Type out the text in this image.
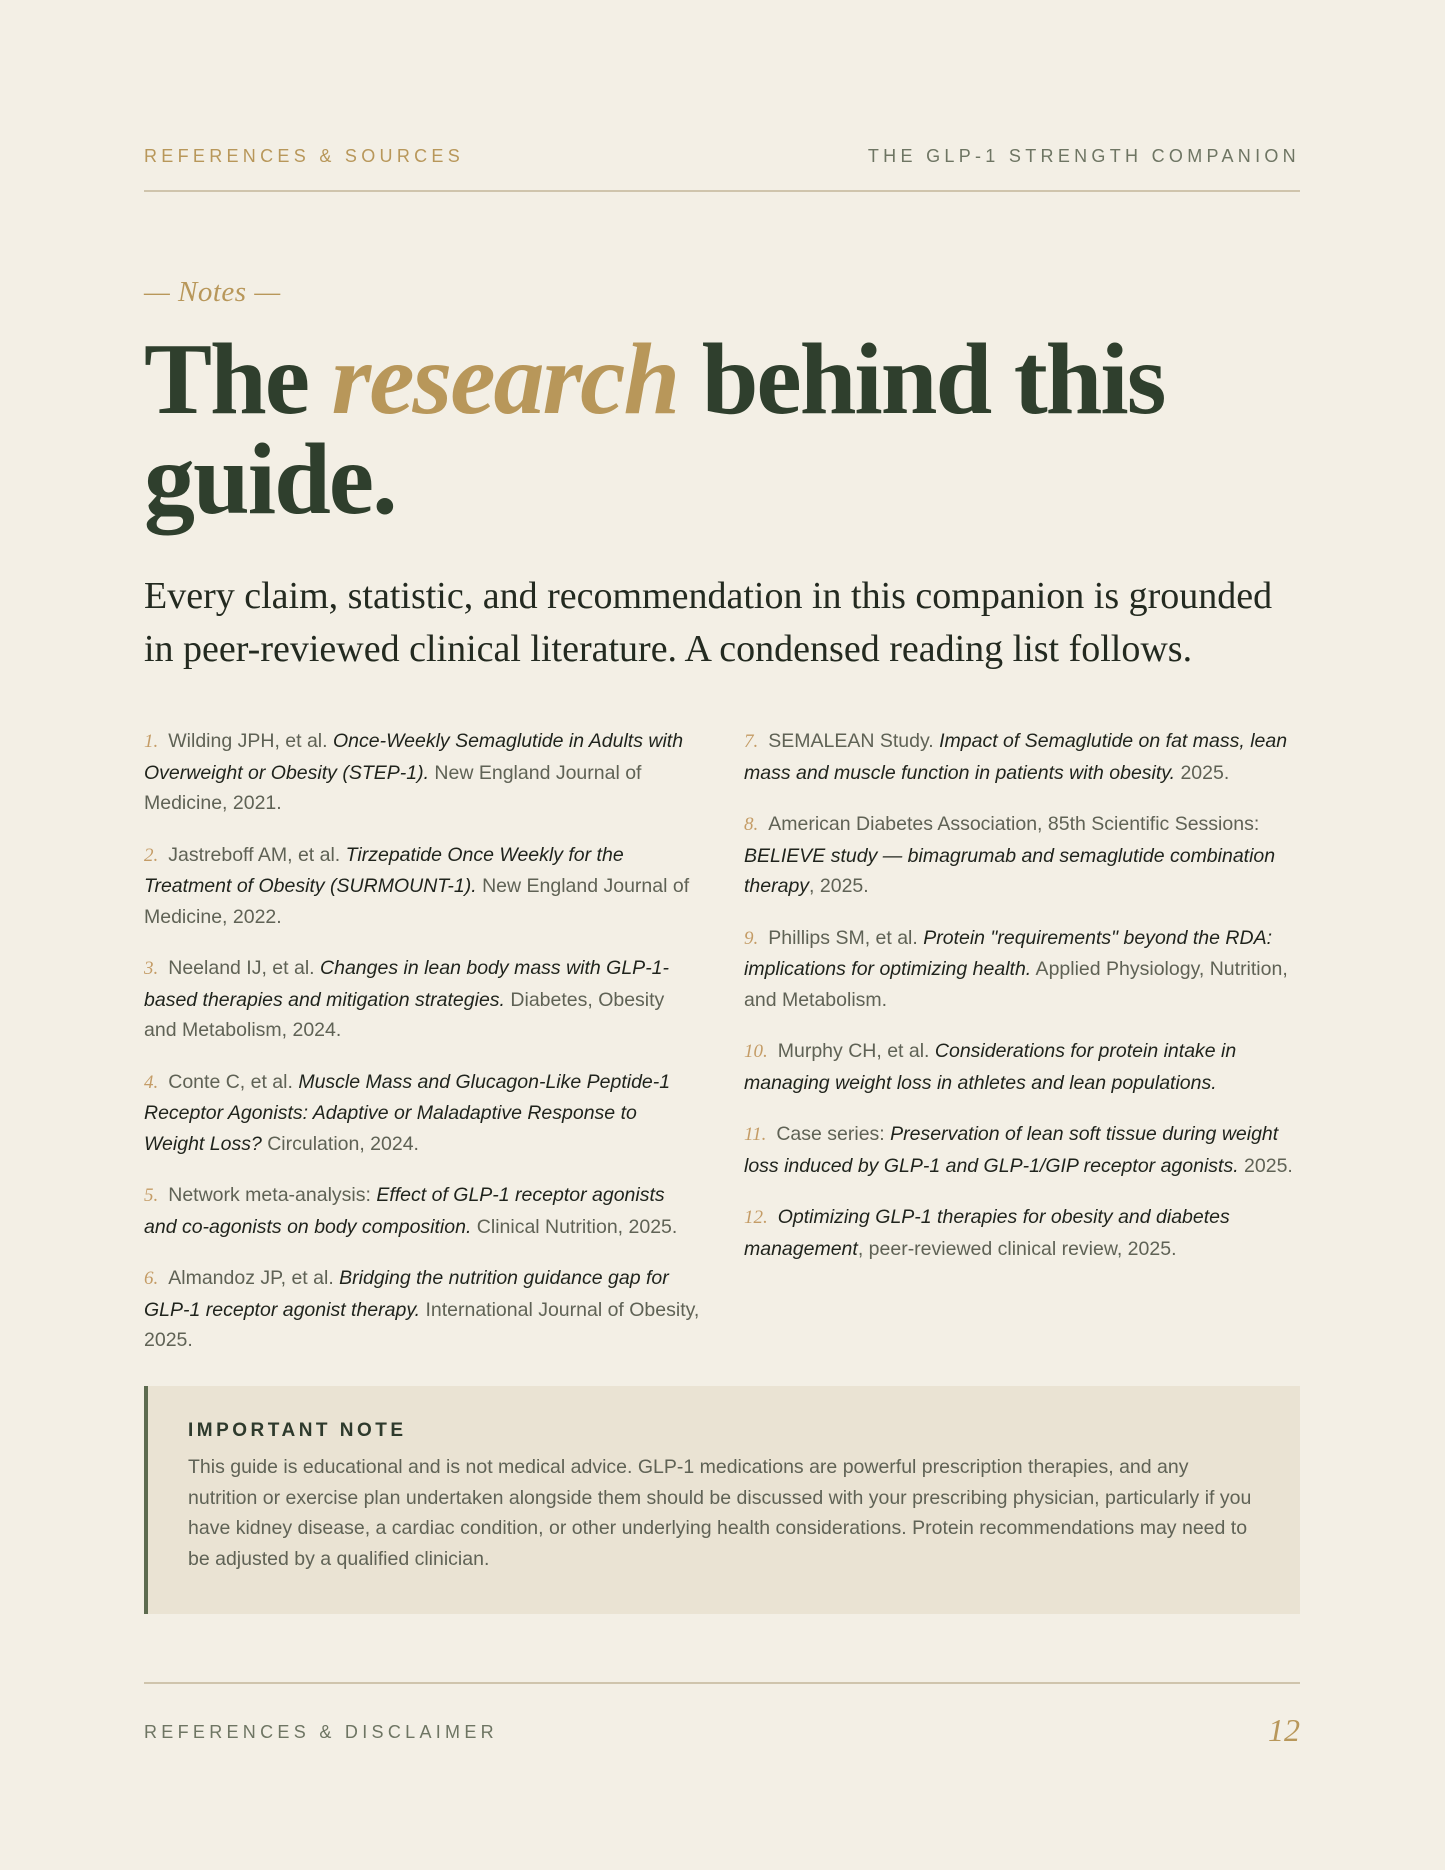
REFERENCES & SOURCES	THE GLP-1 STRENGTH COMPANION
— Notes —
The research behind this guide.

Every claim, statistic, and recommendation in this companion is grounded in peer-reviewed clinical literature. A condensed reading list follows.

1. Wilding JPH, et al. Once-Weekly Semaglutide in Adults with Overweight or Obesity (STEP-1). New England Journal of Medicine, 2021.

2. Jastreboff AM, et al. Tirzepatide Once Weekly for the Treatment of Obesity (SURMOUNT-1). New England Journal of Medicine, 2022.

3. Neeland IJ, et al. Changes in lean body mass with GLP-1-based therapies and mitigation strategies. Diabetes, Obesity and Metabolism, 2024.

4. Conte C, et al. Muscle Mass and Glucagon-Like Peptide-1 Receptor Agonists: Adaptive or Maladaptive Response to Weight Loss? Circulation, 2024.

5. Network meta-analysis: Effect of GLP-1 receptor agonists and co-agonists on body composition. Clinical Nutrition, 2025.

6. Almandoz JP, et al. Bridging the nutrition guidance gap for GLP-1 receptor agonist therapy. International Journal of Obesity, 2025.

7. SEMALEAN Study. Impact of Semaglutide on fat mass, lean mass and muscle function in patients with obesity. 2025.

8. American Diabetes Association, 85th Scientific Sessions: BELIEVE study — bimagrumab and semaglutide combination therapy, 2025.

9. Phillips SM, et al. Protein "requirements" beyond the RDA: implications for optimizing health. Applied Physiology, Nutrition, and Metabolism.

10. Murphy CH, et al. Considerations for protein intake in managing weight loss in athletes and lean populations.

11. Case series: Preservation of lean soft tissue during weight loss induced by GLP-1 and GLP-1/GIP receptor agonists. 2025.

12. Optimizing GLP-1 therapies for obesity and diabetes management, peer-reviewed clinical review, 2025.

IMPORTANT NOTE

This guide is educational and is not medical advice. GLP-1 medications are powerful prescription therapies, and any nutrition or exercise plan undertaken alongside them should be discussed with your prescribing physician, particularly if you have kidney disease, a cardiac condition, or other underlying health considerations. Protein recommendations may need to be adjusted by a qualified clinician.

REFERENCES & DISCLAIMER	12
